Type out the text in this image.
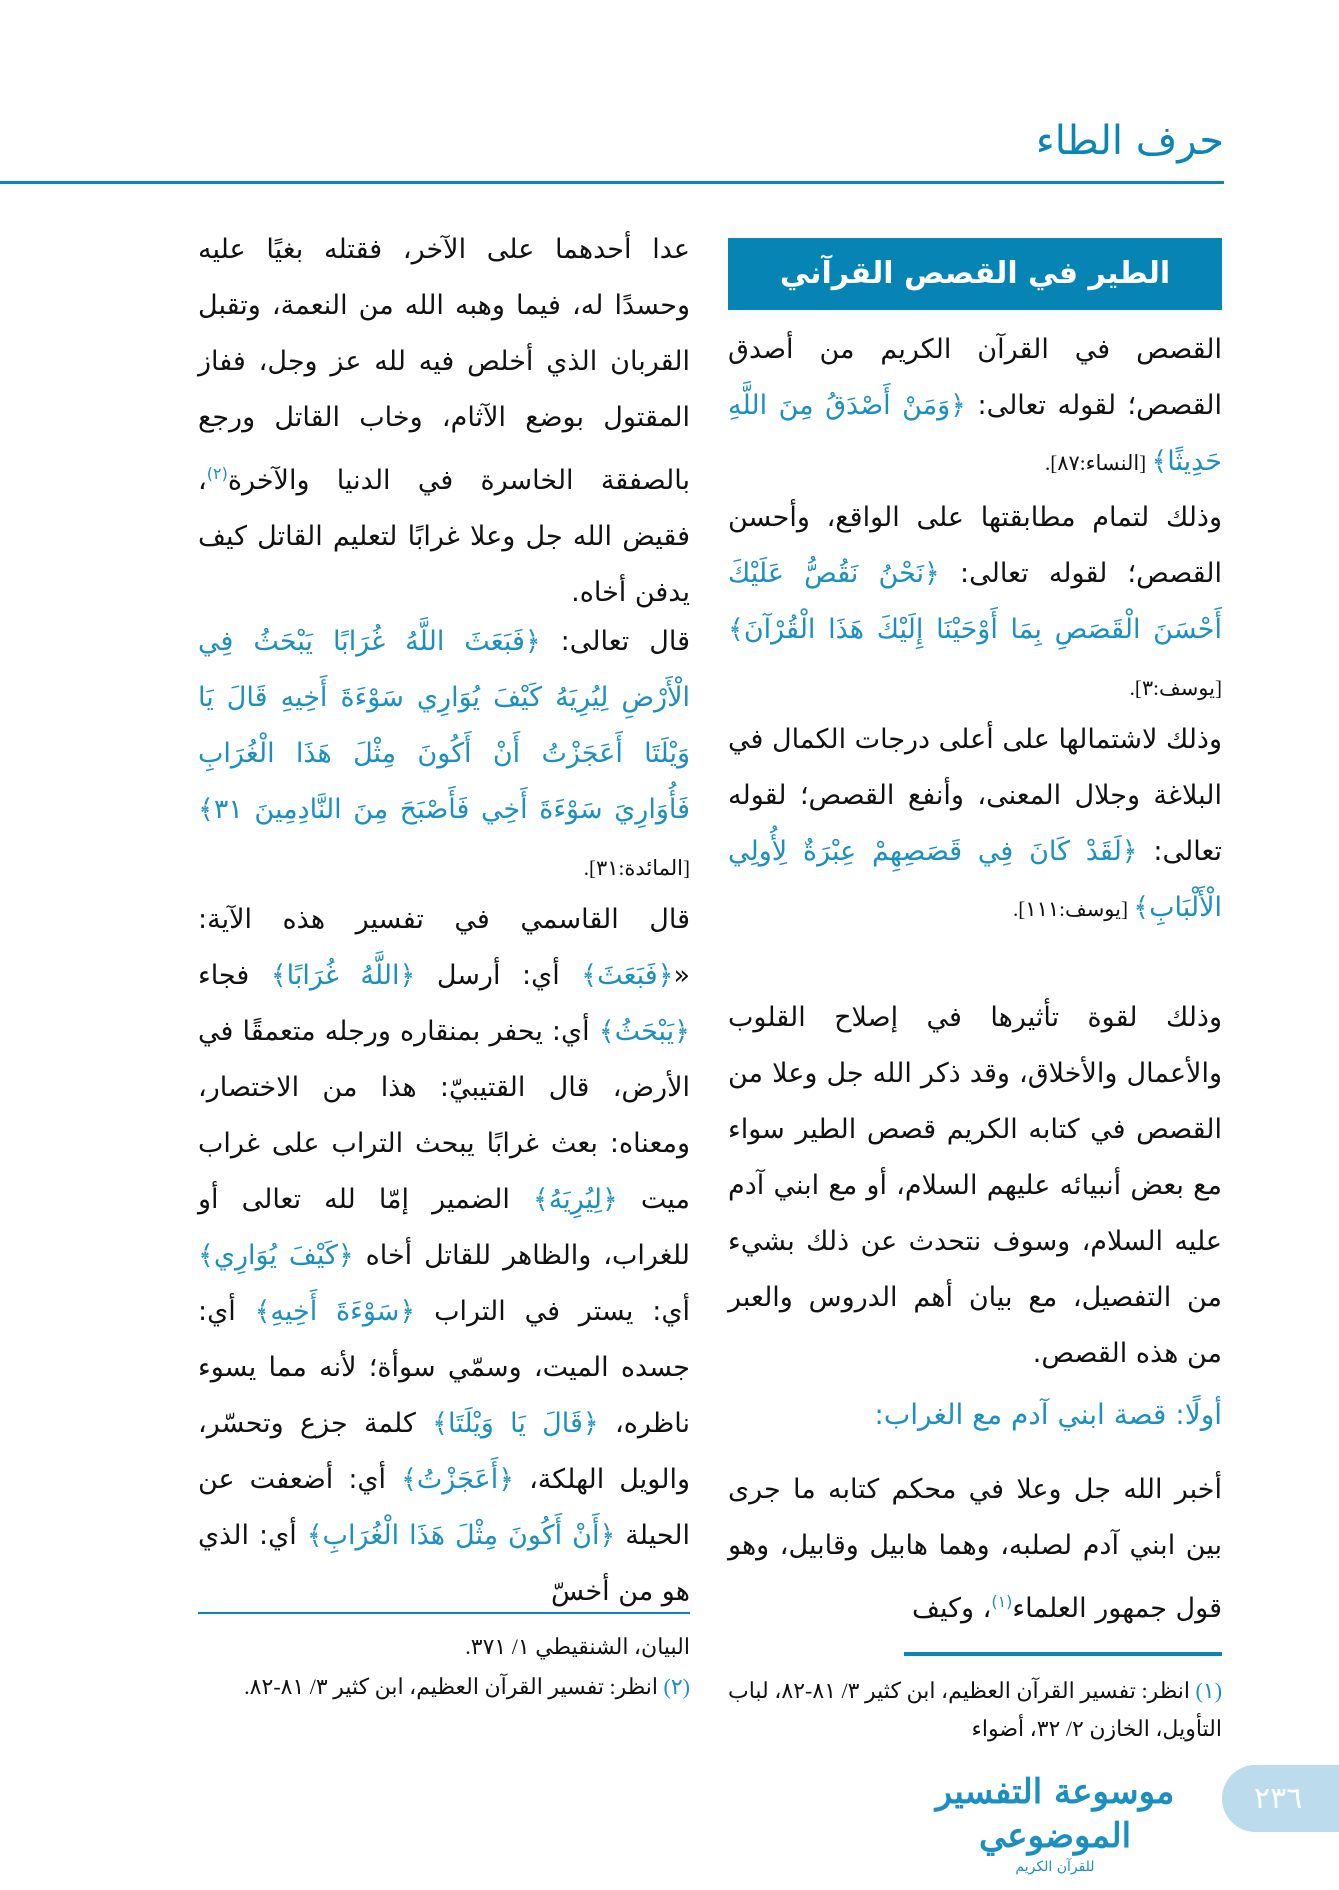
حرف الطاء
الطير في القصص القرآني

القصص في القرآن الكريم من أصدق القصص؛ لقوله تعالى: ﴿وَمَنْ أَصْدَقُ مِنَ اللَّهِ حَدِيثًا﴾ [النساء:٨٧].

وذلك لتمام مطابقتها على الواقع، وأحسن القصص؛ لقوله تعالى: ﴿نَحْنُ نَقُصُّ عَلَيْكَ أَحْسَنَ الْقَصَصِ بِمَا أَوْحَيْنَا إِلَيْكَ هَذَا الْقُرْآنَ﴾ [يوسف:٣].

وذلك لاشتمالها على أعلى درجات الكمال في البلاغة وجلال المعنى، وأنفع القصص؛ لقوله تعالى: ﴿لَقَدْ كَانَ فِي قَصَصِهِمْ عِبْرَةٌ لِأُولِي الْأَلْبَابِ﴾ [يوسف:١١١].

وذلك لقوة تأثيرها في إصلاح القلوب والأعمال والأخلاق، وقد ذكر الله جل وعلا من القصص في كتابه الكريم قصص الطير سواء مع بعض أنبيائه عليهم السلام، أو مع ابني آدم عليه السلام، وسوف نتحدث عن ذلك بشيء من التفصيل، مع بيان أهم الدروس والعبر من هذه القصص.

أولًا: قصة ابني آدم مع الغراب:

أخبر الله جل وعلا في محكم كتابه ما جرى بين ابني آدم لصلبه، وهما هابيل وقابيل، وهو قول جمهور العلماء$^{(١)}$، وكيف

(١) انظر: تفسير القرآن العظيم، ابن كثير ٣/ ٨١-٨٢، لباب التأويل، الخازن ٢/ ٣٢، أضواء

عدا أحدهما على الآخر، فقتله بغيًا عليه وحسدًا له، فيما وهبه الله من النعمة، وتقبل القربان الذي أخلص فيه لله عز وجل، ففاز المقتول بوضع الآثام، وخاب القاتل ورجع بالصفقة الخاسرة في الدنيا والآخرة$^{(٢)}$، فقيض الله جل وعلا غرابًا لتعليم القاتل كيف يدفن أخاه.

قال تعالى: ﴿فَبَعَثَ اللَّهُ غُرَابًا يَبْحَثُ فِي الْأَرْضِ لِيُرِيَهُ كَيْفَ يُوَارِي سَوْءَةَ أَخِيهِ قَالَ يَا وَيْلَتَا أَعَجَزْتُ أَنْ أَكُونَ مِثْلَ هَذَا الْغُرَابِ فَأُوَارِيَ سَوْءَةَ أَخِي فَأَصْبَحَ مِنَ النَّادِمِينَ ٣١﴾ [المائدة:٣١].

قال القاسمي في تفسير هذه الآية: «﴿فَبَعَثَ﴾ أي: أرسل ﴿اللَّهُ غُرَابًا﴾ فجاء ﴿يَبْحَثُ﴾ أي: يحفر بمنقاره ورجله متعمقًا في الأرض، قال القتيبيّ: هذا من الاختصار، ومعناه: بعث غرابًا يبحث التراب على غراب ميت ﴿لِيُرِيَهُ﴾ الضمير إمّا لله تعالى أو للغراب، والظاهر للقاتل أخاه ﴿كَيْفَ يُوَارِي﴾ أي: يستر في التراب ﴿سَوْءَةَ أَخِيهِ﴾ أي: جسده الميت، وسمّي سوأة؛ لأنه مما يسوء ناظره، ﴿قَالَ يَا وَيْلَتَا﴾ كلمة جزع وتحسّر، والويل الهلكة، ﴿أَعَجَزْتُ﴾ أي: أضعفت عن الحيلة ﴿أَنْ أَكُونَ مِثْلَ هَذَا الْغُرَابِ﴾ أي: الذي هو من أخسّ

البيان، الشنقيطي ١/ ٣٧١.

(٢) انظر: تفسير القرآن العظيم، ابن كثير ٣/ ٨١-٨٢.

موسوعة التفسير الموضوعي
للقرآن الكريم
٢٣٦
